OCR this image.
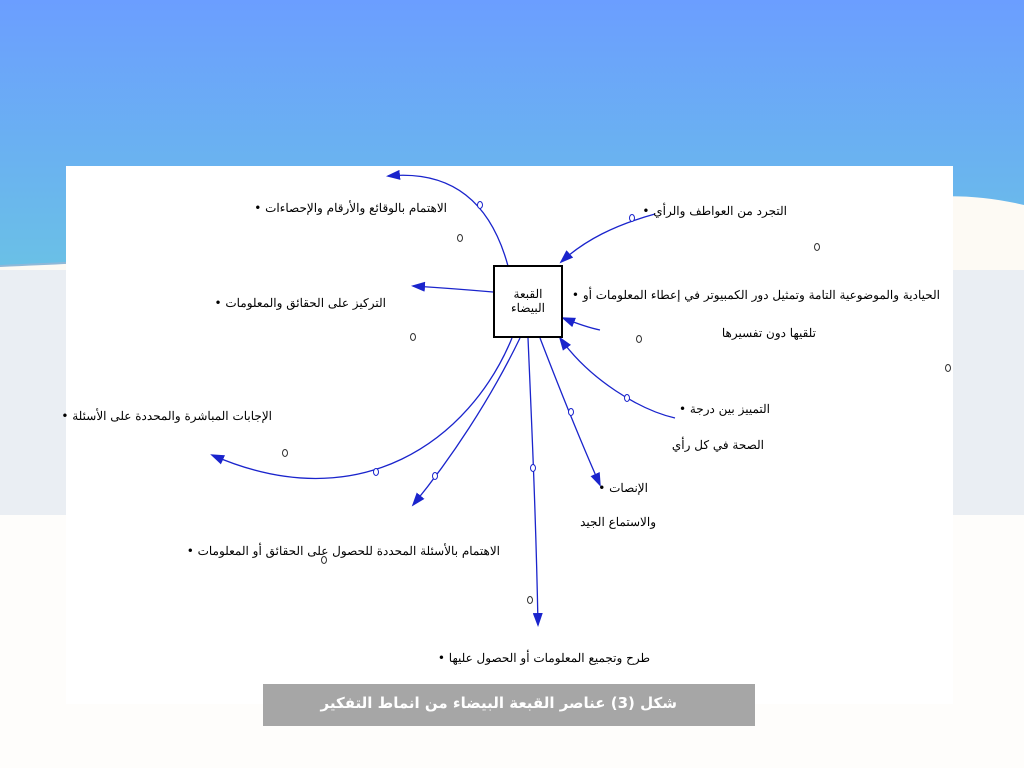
القبعة البيضاء
الاهتمام بالوقائع والأرقام والإحصاءات •
التركيز على الحقائق والمعلومات •
الإجابات المباشرة والمحددة على الأسئلة •
الاهتمام بالأسئلة المحددة للحصول على الحقائق أو المعلومات •
طرح وتجميع المعلومات أو الحصول عليها •
التجرد من العواطف والرأي •
الحيادية والموضوعية التامة وتمثيل دور الكمبيوتر في إعطاء المعلومات أو •
تلقيها دون تفسيرها
التمييز بين درجة •
الصحة في كل رأي
الإنصات •
والاستماع الجيد
شكل (3) عناصر القبعة البيضاء من انماط التفكير
